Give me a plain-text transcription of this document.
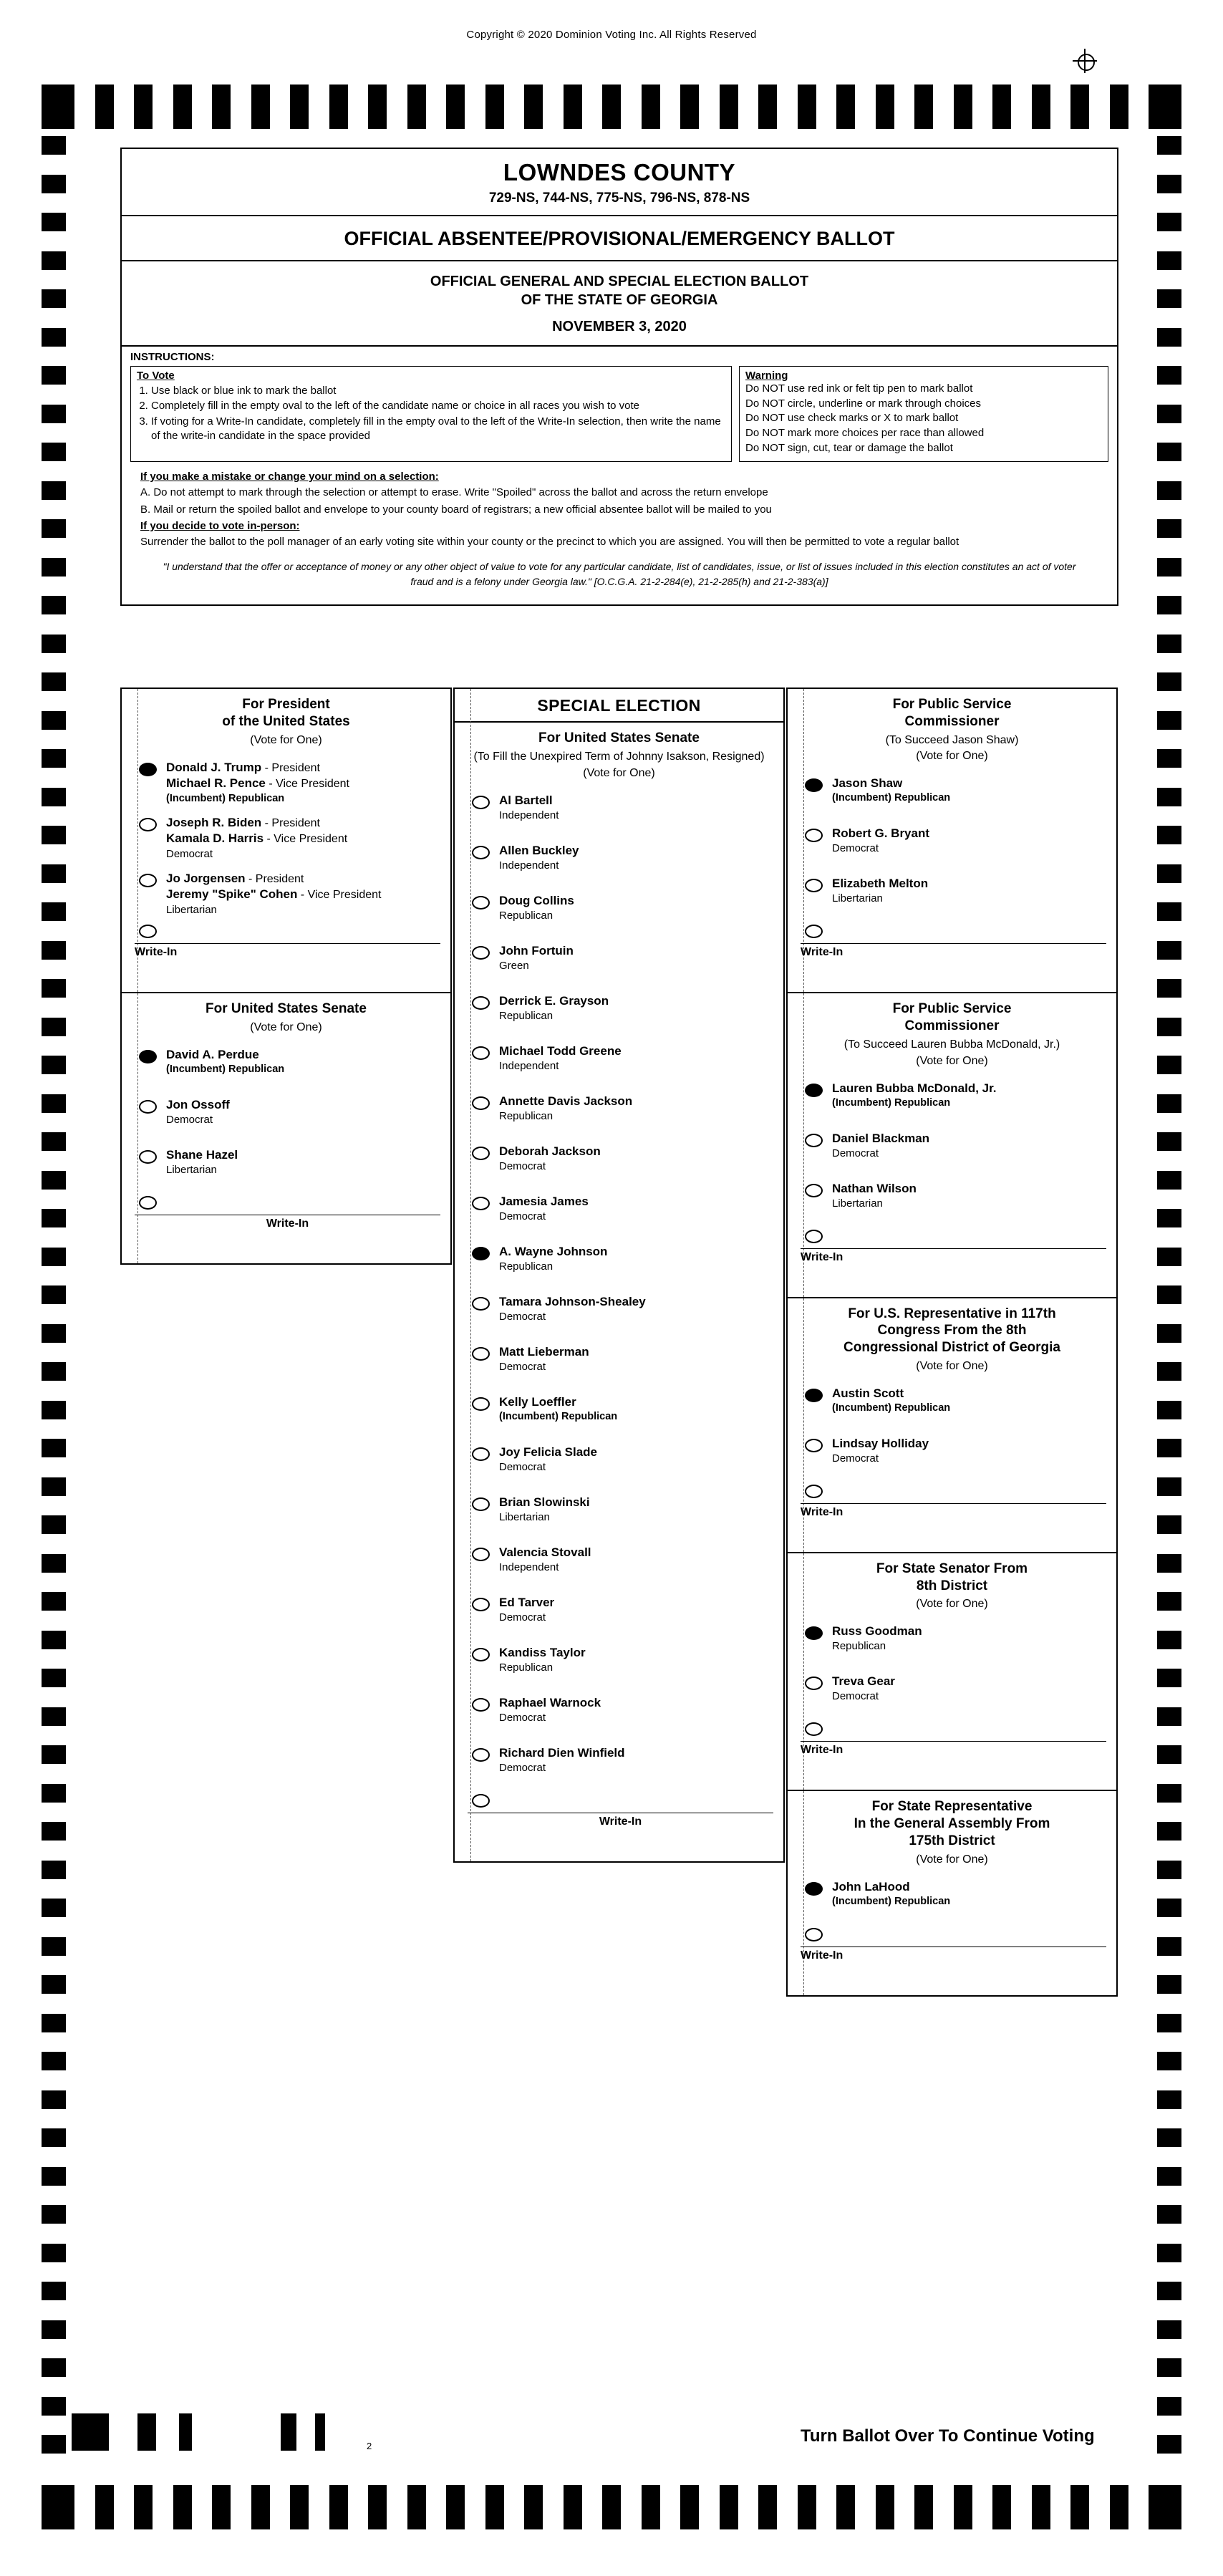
Copyright © 2020 Dominion Voting Inc. All Rights Reserved
+	2
Turn Ballot Over To Continue Voting
LOWNDES COUNTY
729-NS, 744-NS, 775-NS, 796-NS, 878-NS
OFFICIAL ABSENTEE/PROVISIONAL/EMERGENCY BALLOT
OFFICIAL GENERAL AND SPECIAL ELECTION BALLOT
OF THE STATE OF GEORGIA
NOVEMBER 3, 2020
INSTRUCTIONS:
To Vote
1. Use black or blue ink to mark the ballot
2. Completely fill in the empty oval to the left of the candidate name or choice in all races you wish to vote
3. If voting for a Write-In candidate, completely fill in the empty oval to the left of the Write-In selection, then write the name of the write-in candidate in the space provided
Warning
Do NOT use red ink or felt tip pen to mark ballot
Do NOT circle, underline or mark through choices
Do NOT use check marks or X to mark ballot
Do NOT mark more choices per race than allowed
Do NOT sign, cut, tear or damage the ballot
If you make a mistake or change your mind on a selection:
A. Do not attempt to mark through the selection or attempt to erase. Write "Spoiled" across the ballot and across the return envelope
B. Mail or return the spoiled ballot and envelope to your county board of registrars; a new official absentee ballot will be mailed to you
If you decide to vote in-person:
Surrender the ballot to the poll manager of an early voting site within your county or the precinct to which you are assigned. You will then be permitted to vote a regular ballot
"I understand that the offer or acceptance of money or any other object of value to vote for any particular candidate, list of candidates, issue, or list of issues included in this election constitutes an act of voter fraud and is a felony under Georgia law." [O.C.G.A. 21-2-284(e), 21-2-285(h) and 21-2-383(a)]
For President
of the United States
(Vote for One)
Donald J. Trump - President
Michael R. Pence - Vice President
(Incumbent) Republican
Joseph R. Biden - President
Kamala D. Harris - Vice President
Democrat
Jo Jorgensen - President
Jeremy "Spike" Cohen - Vice President
Libertarian
Write-In
For United States Senate
(Vote for One)
David A. Perdue
(Incumbent) Republican
Jon Ossoff
Democrat
Shane Hazel
Libertarian
Write-In
SPECIAL ELECTION
For United States Senate
(To Fill the Unexpired Term of Johnny Isakson, Resigned)
(Vote for One)
Al Bartell
Independent
Allen Buckley
Independent
Doug Collins
Republican
John Fortuin
Green
Derrick E. Grayson
Republican
Michael Todd Greene
Independent
Annette Davis Jackson
Republican
Deborah Jackson
Democrat
Jamesia James
Democrat
A. Wayne Johnson
Republican
Tamara Johnson-Shealey
Democrat
Matt Lieberman
Democrat
Kelly Loeffler
(Incumbent) Republican
Joy Felicia Slade
Democrat
Brian Slowinski
Libertarian
Valencia Stovall
Independent
Ed Tarver
Democrat
Kandiss Taylor
Republican
Raphael Warnock
Democrat
Richard Dien Winfield
Democrat
Write-In
For Public Service
Commissioner
(To Succeed Jason Shaw)
(Vote for One)
Jason Shaw
(Incumbent) Republican
Robert G. Bryant
Democrat
Elizabeth Melton
Libertarian
Write-In
For Public Service
Commissioner
(To Succeed Lauren Bubba McDonald, Jr.)
(Vote for One)
Lauren Bubba McDonald, Jr.
(Incumbent) Republican
Daniel Blackman
Democrat
Nathan Wilson
Libertarian
Write-In
For U.S. Representative in 117th
Congress From the 8th
Congressional District of Georgia
(Vote for One)
Austin Scott
(Incumbent) Republican
Lindsay Holliday
Democrat
Write-In
For State Senator From
8th District
(Vote for One)
Russ Goodman
Republican
Treva Gear
Democrat
Write-In
For State Representative
In the General Assembly From
175th District
(Vote for One)
John LaHood
(Incumbent) Republican
Write-In
